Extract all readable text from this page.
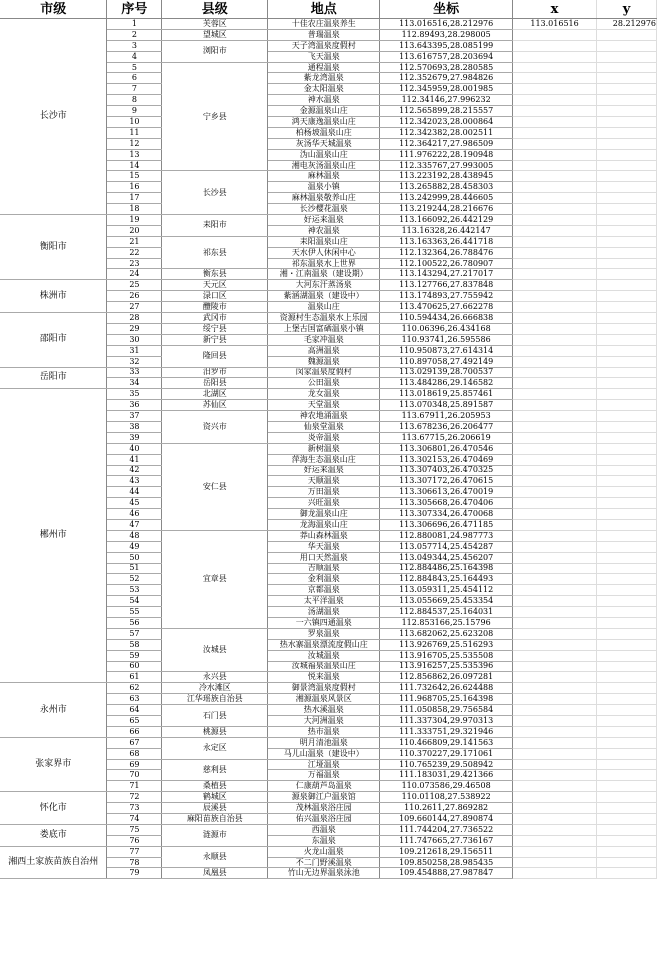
市级	序号	县级	地点	坐标	x	y
长沙市	1	芙蓉区	十佳农庄温泉养生	113.016516,28.212976	113.016516	28.212976
	2	望城区	普瑞温泉	112.89493,28.298005		
	3	浏阳市	天子湾温泉度假村	113.643395,28.085199		
	4		飞天温泉	113.616757,28.203694		
	5	宁乡县	通程温泉	112.570693,28.280585		
	6		紫龙湾温泉	112.352679,27.984826		
	7		金太阳温泉	112.345959,28.001985		
	8		神水温泉	112.34146,27.996232		
	9		金源温泉山庄	112.565899,28.215557		
	10		鸿天康逸温泉山庄	112.342023,28.000864		
	11		柏杨坡温泉山庄	112.342382,28.002511		
	12		灰汤华天城温泉	112.364217,27.986509		
	13		沩山温泉山庄	111.976222,28.190948		
	14		湘电灰汤温泉山庄	112.335767,27.993005		
	15	长沙县	麻林温泉	113.223192,28.438945		
	16		温泉小镇	113.265882,28.458303		
	17		麻林温泉敬养山庄	113.242999,28.446605		
	18		长沙樱花温泉	113.219244,28.216676		
衡阳市	19	耒阳市	好运来温泉	113.166092,26.442129		
	20		神农温泉	113.16328,26.442147		
	21	祁东县	耒阳温泉山庄	113.163363,26.441718		
	22		天水伊人休闲中心	112.132364,26.788476		
	23		祁东温泉水上世界	112.100522,26.780907		
	24	衡东县	湘・江南温泉（建设期）	113.143294,27.217017		
株洲市	25	天元区	大河东汗蒸汤泉	113.127766,27.837848		
	26	渌口区	紫涵湖温泉（建设中）	113.174893,27.755942		
	27	醴陵市	温泉山庄	113.470625,27.662278		
邵阳市	28	武冈市	资源村生态温泉水上乐园	110.594434,26.666838		
	29	绥宁县	上堡古国富硒温泉小镇	110.06396,26.434168		
	30	新宁县	毛家冲温泉	110.93741,26.595586		
	31	隆回县	高洲温泉	110.950873,27.614314		
	32		魏源温泉	110.897058,27.492149		
岳阳市	33	汨罗市	闵家温泉度假村	113.029139,28.700537		
	34	岳阳县	公田温泉	113.484286,29.146582		
郴州市	35	北湖区	龙女温泉	113.018619,25.857461		
	36	苏仙区	天堂温泉	113.070348,25.891587		
	37	资兴市	神农地涌温泉	113.67911,26.205953		
	38		仙泉堂温泉	113.678236,26.206477		
	39		炎帝温泉	113.67715,26.206619		
	40	安仁县	新树温泉	113.306801,26.470546		
	41		萍海生态温泉山庄	113.302153,26.470469		
	42		好运来温泉	113.307403,26.470325		
	43		天顺温泉	113.307172,26.470615		
	44		万田温泉	113.306613,26.470019		
	45		兴旺温泉	113.305668,26.470406		
	46		御龙温泉山庄	113.307334,26.470068		
	47		龙海温泉山庄	113.306696,26.471185		
	48	宜章县	莽山森林温泉	112.880081,24.987773		
	49		华天温泉	113.057714,25.454287		
	50		用口天然温泉	113.049344,25.456207		
	51		吉顺温泉	112.884486,25.164398		
	52		金利温泉	112.884843,25.164493		
	53		京都温泉	113.059311,25.454112		
	54		太平洋温泉	113.055669,25.453354		
	55		汤湖温泉	112.884537,25.164031		
	56		一六镇四通温泉	112.853166,25.15796		
	57	汝城县	罗泉温泉	113.682062,25.623208		
	58		热水寨温泉漂流度假山庄	113.926769,25.516293		
	59		汝城温泉	113.916705,25.535508		
	60		汝城福泉温泉山庄	113.916257,25.535396		
	61	永兴县	悦来温泉	112.856862,26.097281		
永州市	62	冷水滩区	御景湾温泉度假村	111.732642,26.624488		
	63	江华瑶族自治县	湘源温泉风景区	111.968705,25.164398		
	64	石门县	热水溪温泉	111.050858,29.756584		
	65		大河洲温泉	111.337304,29.970313		
	66	桃源县	热市温泉	111.333751,29.321946		
张家界市	67	永定区	明月清池温泉	110.466809,29.141563		
	68		马儿山温泉（建设中）	110.370227,29.171061		
	69	慈利县	江垭温泉	110.765239,29.508942		
	70		万福温泉	111.183031,29.421366		
	71	桑植县	仁康葫芦岛温泉	110.073586,29.46508		
怀化市	72	鹤城区	源泉御江户温泉馆	110.01108,27.538922		
	73	辰溪县	茂林温泉浴庄园	110.2611,27.869282		
	74	麻阳苗族自治县	佑兴温泉浴庄园	109.660144,27.890874		
娄底市	75	涟源市	西温泉	111.744204,27.736522		
	76		东温泉	111.747665,27.736167		
湘西土家族苗族自治州	77	永顺县	火龙山温泉	109.212618,29.156511		
	78		不二门野溪温泉	109.850258,28.985435		
	79	凤凰县	竹山无边界温泉泳池	109.454888,27.987847		
